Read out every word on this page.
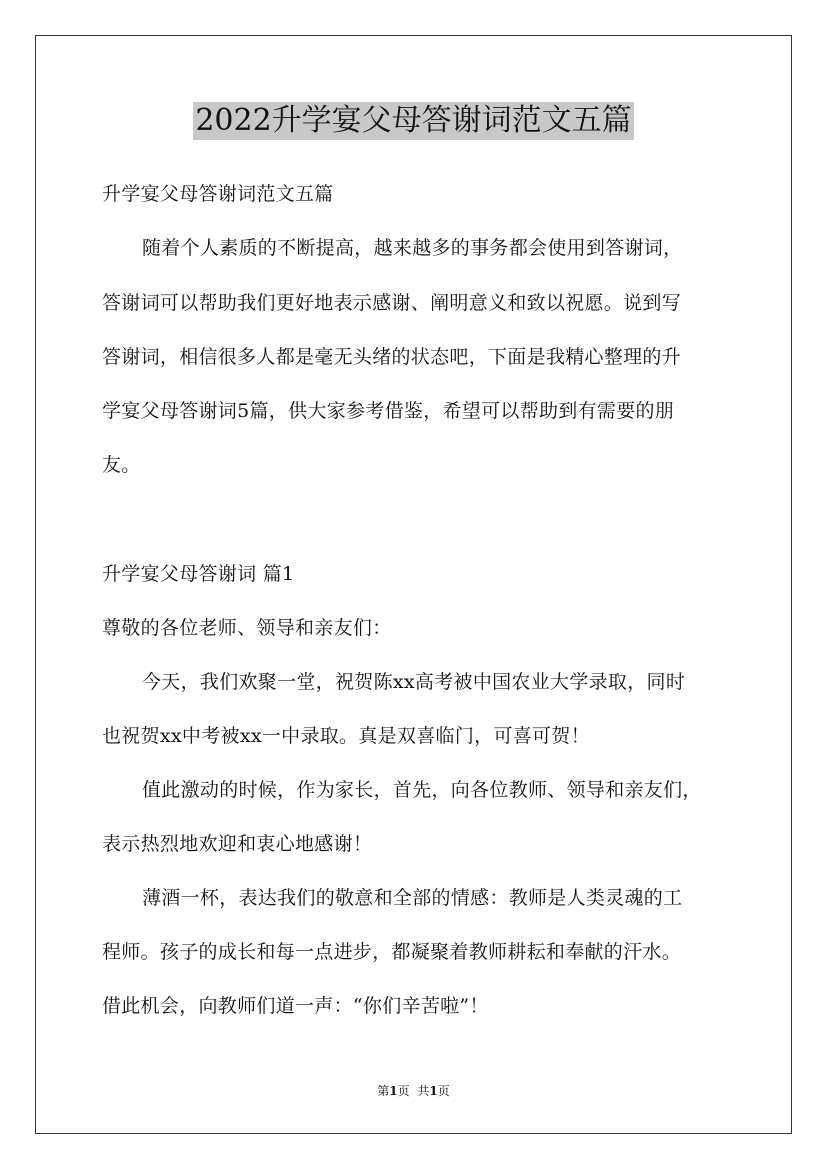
2022升学宴父母答谢词范文五篇
升学宴父母答谢词范文五篇
随着个人素质的不断提高，越来越多的事务都会使用到答谢词，
答谢词可以帮助我们更好地表示感谢、阐明意义和致以祝愿。说到写
答谢词，相信很多人都是毫无头绪的状态吧，下面是我精心整理的升
学宴父母答谢词5篇，供大家参考借鉴，希望可以帮助到有需要的朋
友。
升学宴父母答谢词 篇1
尊敬的各位老师、领导和亲友们：
今天，我们欢聚一堂，祝贺陈xx高考被中国农业大学录取，同时
也祝贺xx中考被xx一中录取。真是双喜临门，可喜可贺！
值此激动的时候，作为家长，首先，向各位教师、领导和亲友们，
表示热烈地欢迎和衷心地感谢！
薄酒一杯，表达我们的敬意和全部的情感：教师是人类灵魂的工
程师。孩子的成长和每一点进步，都凝聚着教师耕耘和奉献的汗水。
借此机会，向教师们道一声：“你们辛苦啦”！
第1页 共1页
